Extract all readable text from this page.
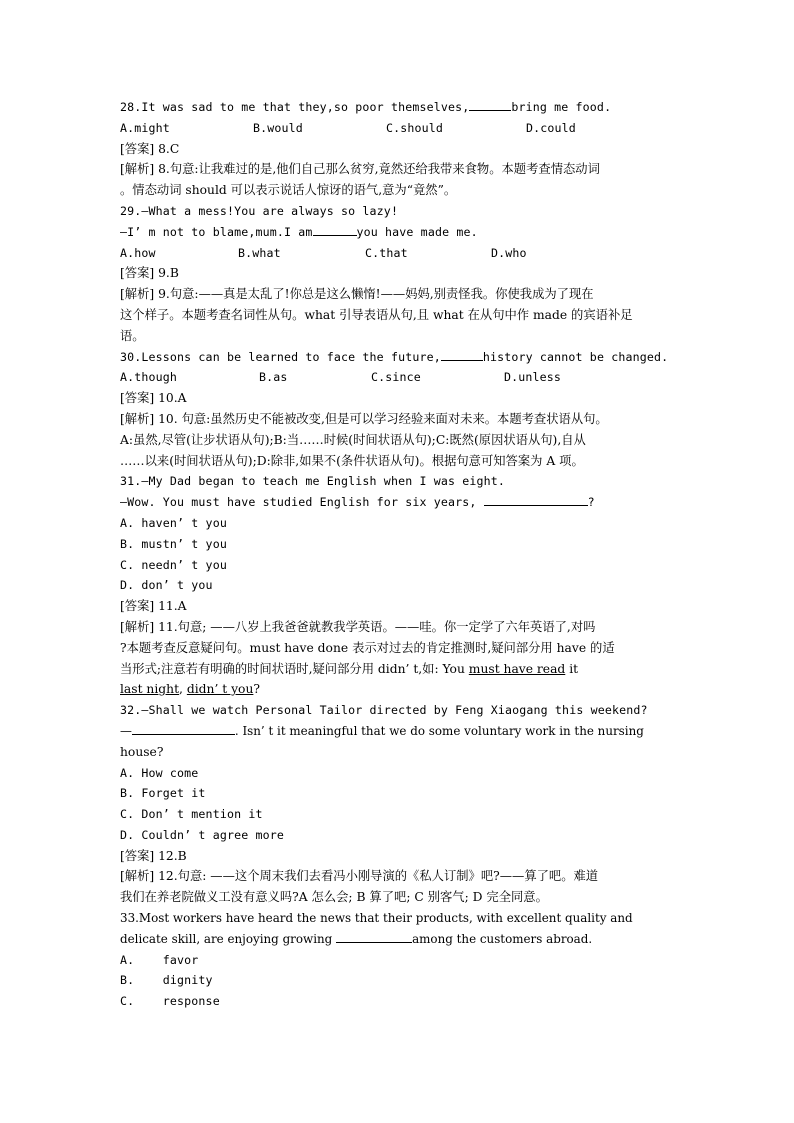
28.It was sad to me that they,so poor themselves,	bring me food.
A.might	B.would	C.should	D.could
[答案] 8.C
[解析] 8.句意:让我难过的是,他们自己那么贫穷,竟然还给我带来食物。本题考查情态动词
。情态动词 should 可以表示说话人惊讶的语气,意为“竟然”。
29.—What a mess!You are always so lazy!
—I’ m not to blame,mum.I am	you have made me.
A.how	B.what	C.that	D.who
[答案] 9.B
[解析] 9.句意:——真是太乱了!你总是这么懒惰!——妈妈,别责怪我。你使我成为了现在
这个样子。本题考查名词性从句。what 引导表语从句,且 what 在从句中作 made 的宾语补足
语。
30.Lessons can be learned to face the future,	history cannot be changed.
A.though	B.as	C.since	D.unless
[答案] 10.A
[解析] 10. 句意:虽然历史不能被改变,但是可以学习经验来面对未来。本题考查状语从句。
A:虽然,尽管(让步状语从句);B:当……时候(时间状语从句);C:既然(原因状语从句),自从
……以来(时间状语从句);D:除非,如果不(条件状语从句)。根据句意可知答案为 A 项。
31.—My Dad began to teach me English when I was eight.
—Wow. You must have studied English for six years,	?
A. haven’ t you
B. mustn’ t you
C. needn’ t you
D. don’ t you
[答案] 11.A
[解析] 11.句意; ——八岁上我爸爸就教我学英语。——哇。你一定学了六年英语了,对吗
?本题考查反意疑问句。must have done 表示对过去的肯定推测时,疑问部分用 have 的适
当形式;注意若有明确的时间状语时,疑问部分用 didn’ t,如: You must have read it
last night, didn’ t you?
32.—Shall we watch Personal Tailor directed by Feng Xiaogang this weekend?
—	. Isn’ t it meaningful that we do some voluntary work in the nursing
house?
A. How come
B. Forget it
C. Don’ t mention it
D. Couldn’ t agree more
[答案] 12.B
[解析] 12.句意: ——这个周末我们去看冯小刚导演的《私人订制》吧?——算了吧。难道
我们在养老院做义工没有意义吗?A 怎么会; B 算了吧; C 别客气; D 完全同意。
33.Most workers have heard the news that their products, with excellent quality and
delicate skill, are enjoying growing	among the customers abroad.
A.    favor
B.    dignity
C.    response
